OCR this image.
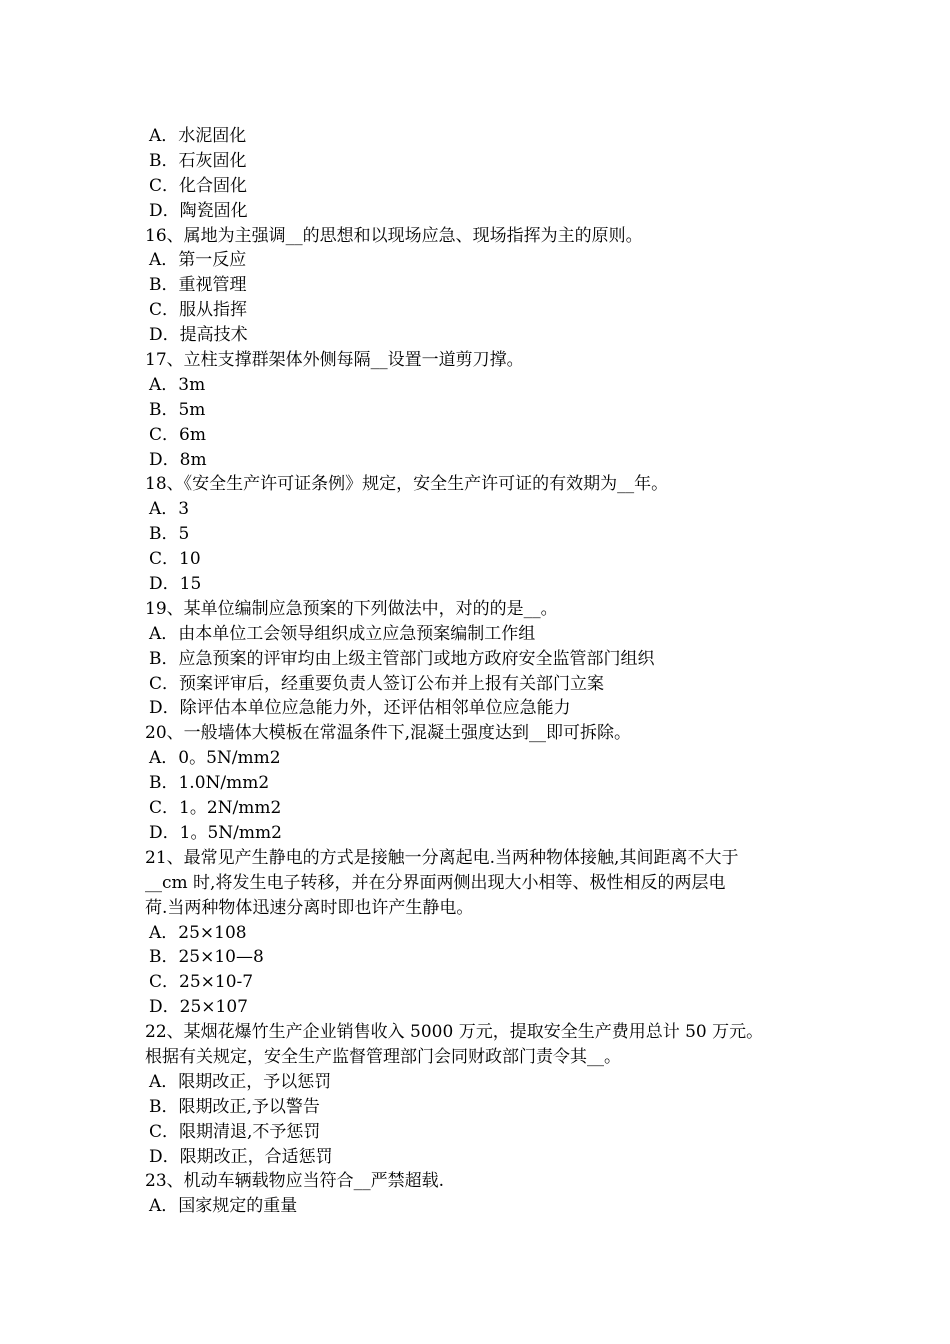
A．水泥固化
B．石灰固化
C．化合固化
D．陶瓷固化
16、属地为主强调__的思想和以现场应急、现场指挥为主的原则。
A．第一反应
B．重视管理
C．服从指挥
D．提高技术
17、立柱支撑群架体外侧每隔__设置一道剪刀撑。
A．3m
B．5m
C．6m
D．8m
18、《安全生产许可证条例》规定，安全生产许可证的有效期为__年。
A．3
B．5
C．10
D．15
19、某单位编制应急预案的下列做法中，对的的是__。
A．由本单位工会领导组织成立应急预案编制工作组
B．应急预案的评审均由上级主管部门或地方政府安全监管部门组织
C．预案评审后，经重要负责人签订公布并上报有关部门立案
D．除评估本单位应急能力外，还评估相邻单位应急能力
20、一般墙体大模板在常温条件下,混凝土强度达到__即可拆除。
A．0。5N/mm2
B．1.0N/mm2
C．1。2N/mm2
D．1。5N/mm2
21、最常见产生静电的方式是接触一分离起电.当两种物体接触,其间距离不大于
__cm 时,将发生电子转移，并在分界面两侧出现大小相等、极性相反的两层电
荷.当两种物体迅速分离时即也许产生静电。
A．25×108
B．25×10—8
C．25×10-7
D．25×107
22、某烟花爆竹生产企业销售收入 5000 万元，提取安全生产费用总计 50 万元。
根据有关规定，安全生产监督管理部门会同财政部门责令其__。
A．限期改正，予以惩罚
B．限期改正,予以警告
C．限期清退,不予惩罚
D．限期改正，合适惩罚
23、机动车辆载物应当符合__严禁超载.
A．国家规定的重量
